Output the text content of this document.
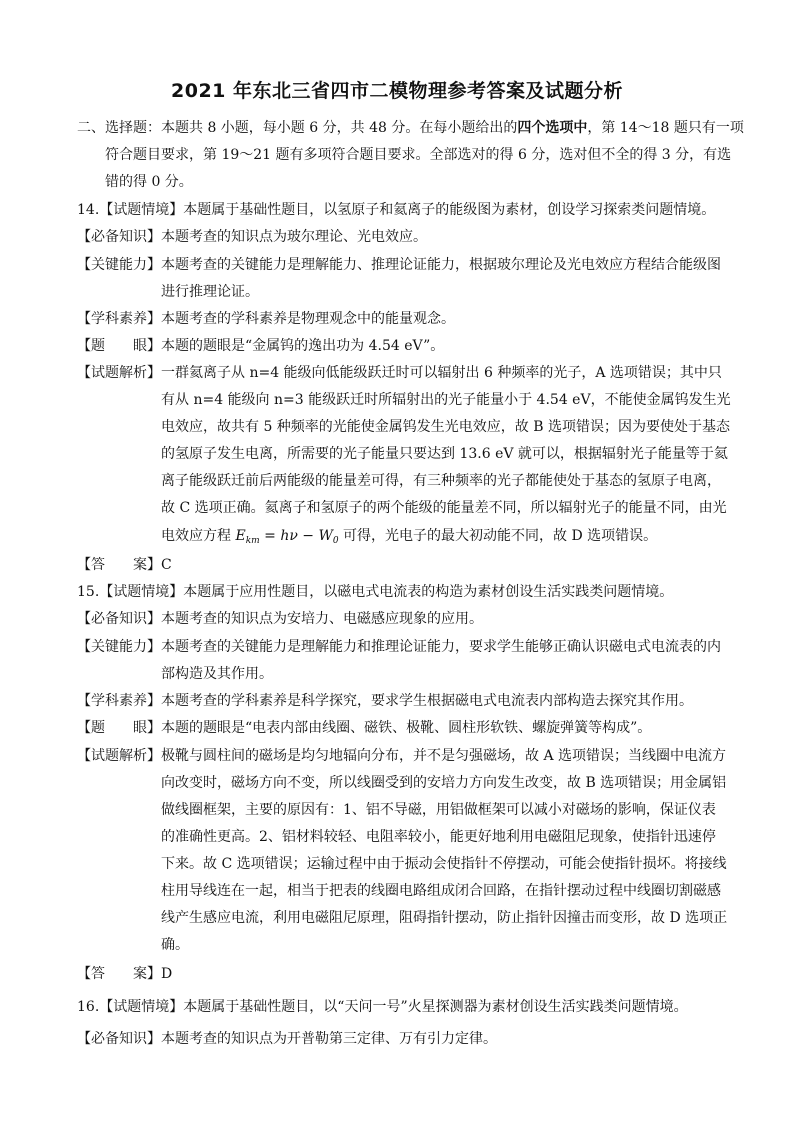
2021 年东北三省四市二模物理参考答案及试题分析
二、选择题：本题共 8 小题，每小题 6 分，共 48 分。在每小题给出的四个选项中，第 14～18 题只有一项
符合题目要求，第 19～21 题有多项符合题目要求。全部选对的得 6 分，选对但不全的得 3 分，有选
错的得 0 分。
14.【试题情境】本题属于基础性题目，以氢原子和氦离子的能级图为素材，创设学习探索类问题情境。
【必备知识】本题考查的知识点为玻尔理论、光电效应。
【关键能力】本题考查的关键能力是理解能力、推理论证能力，根据玻尔理论及光电效应方程结合能级图
进行推理论证。
【学科素养】本题考查的学科素养是物理观念中的能量观念。
【题　　眼】本题的题眼是“金属钨的逸出功为 4.54 eV”。
【试题解析】一群氦离子从 n=4 能级向低能级跃迁时可以辐射出 6 种频率的光子，A 选项错误；其中只
有从 n=4 能级向 n=3 能级跃迁时所辐射出的光子能量小于 4.54 eV，不能使金属钨发生光
电效应，故共有 5 种频率的光能使金属钨发生光电效应，故 B 选项错误；因为要使处于基态
的氢原子发生电离，所需要的光子能量只要达到 13.6 eV 就可以，根据辐射光子能量等于氦
离子能级跃迁前后两能级的能量差可得，有三种频率的光子都能使处于基态的氢原子电离，
故 C 选项正确。氦离子和氢原子的两个能级的能量差不同，所以辐射光子的能量不同，由光
电效应方程 $E_{km} = h\nu - W_0$ 可得，光电子的最大初动能不同，故 D 选项错误。
【答　　案】C
15.【试题情境】本题属于应用性题目，以磁电式电流表的构造为素材创设生活实践类问题情境。
【必备知识】本题考查的知识点为安培力、电磁感应现象的应用。
【关键能力】本题考查的关键能力是理解能力和推理论证能力，要求学生能够正确认识磁电式电流表的内
部构造及其作用。
【学科素养】本题考查的学科素养是科学探究，要求学生根据磁电式电流表内部构造去探究其作用。
【题　　眼】本题的题眼是“电表内部由线圈、磁铁、极靴、圆柱形软铁、螺旋弹簧等构成”。
【试题解析】极靴与圆柱间的磁场是均匀地辐向分布，并不是匀强磁场，故 A 选项错误；当线圈中电流方
向改变时，磁场方向不变，所以线圈受到的安培力方向发生改变，故 B 选项错误；用金属铝
做线圈框架，主要的原因有：1、铝不导磁，用铝做框架可以减小对磁场的影响，保证仪表
的准确性更高。2、铝材料较轻、电阻率较小，能更好地利用电磁阻尼现象，使指针迅速停
下来。故 C 选项错误；运输过程中由于振动会使指针不停摆动，可能会使指针损坏。将接线
柱用导线连在一起，相当于把表的线圈电路组成闭合回路，在指针摆动过程中线圈切割磁感
线产生感应电流，利用电磁阻尼原理，阻碍指针摆动，防止指针因撞击而变形，故 D 选项正
确。
【答　　案】D
16.【试题情境】本题属于基础性题目，以“天问一号”火星探测器为素材创设生活实践类问题情境。
【必备知识】本题考查的知识点为开普勒第三定律、万有引力定律。
